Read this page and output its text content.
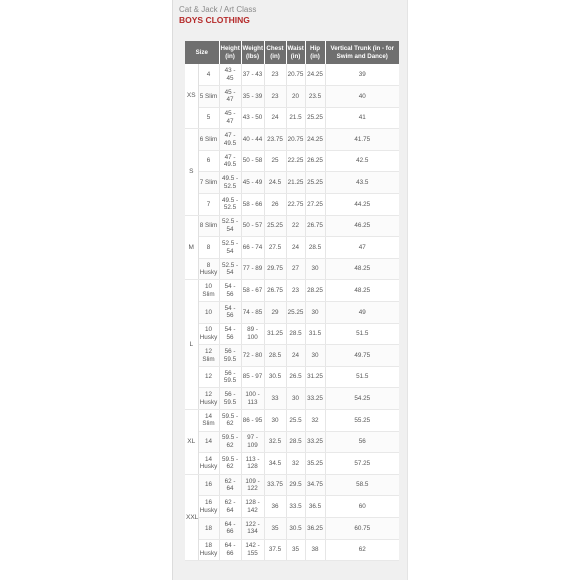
Cat & Jack / Art Class
BOYS CLOTHING
Size		Height (in)	Weight (lbs)	Chest (in)	Waist (in)	Hip (in)	Vertical Trunk (in - for Swim and Dance)
XS	4	43 - 45	37 - 43	23	20.75	24.25	39
	5 Slim	45 - 47	35 - 39	23	20	23.5	40
	5	45 - 47	43 - 50	24	21.5	25.25	41
S	6 Slim	47 - 49.5	40 - 44	23.75	20.75	24.25	41.75
	6	47 - 49.5	50 - 58	25	22.25	26.25	42.5
	7 Slim	49.5 - 52.5	45 - 49	24.5	21.25	25.25	43.5
	7	49.5 - 52.5	58 - 66	26	22.75	27.25	44.25
M	8 Slim	52.5 - 54	50 - 57	25.25	22	26.75	46.25
	8	52.5 - 54	66 - 74	27.5	24	28.5	47
	8 Husky	52.5 - 54	77 - 89	29.75	27	30	48.25
L	10 Slim	54 - 56	58 - 67	26.75	23	28.25	48.25
	10	54 - 56	74 - 85	29	25.25	30	49
	10 Husky	54 - 56	89 - 100	31.25	28.5	31.5	51.5
	12 Slim	56 - 59.5	72 - 80	28.5	24	30	49.75
	12	56 - 59.5	85 - 97	30.5	26.5	31.25	51.5
	12 Husky	56 - 59.5	100 - 113	33	30	33.25	54.25
XL	14 Slim	59.5 - 62	86 - 95	30	25.5	32	55.25
	14	59.5 - 62	97 - 109	32.5	28.5	33.25	56
	14 Husky	59.5 - 62	113 - 128	34.5	32	35.25	57.25
XXL	16	62 - 64	109 - 122	33.75	29.5	34.75	58.5
	16 Husky	62 - 64	128 - 142	36	33.5	36.5	60
	18	64 - 66	122 - 134	35	30.5	36.25	60.75
	18 Husky	64 - 66	142 - 155	37.5	35	38	62
